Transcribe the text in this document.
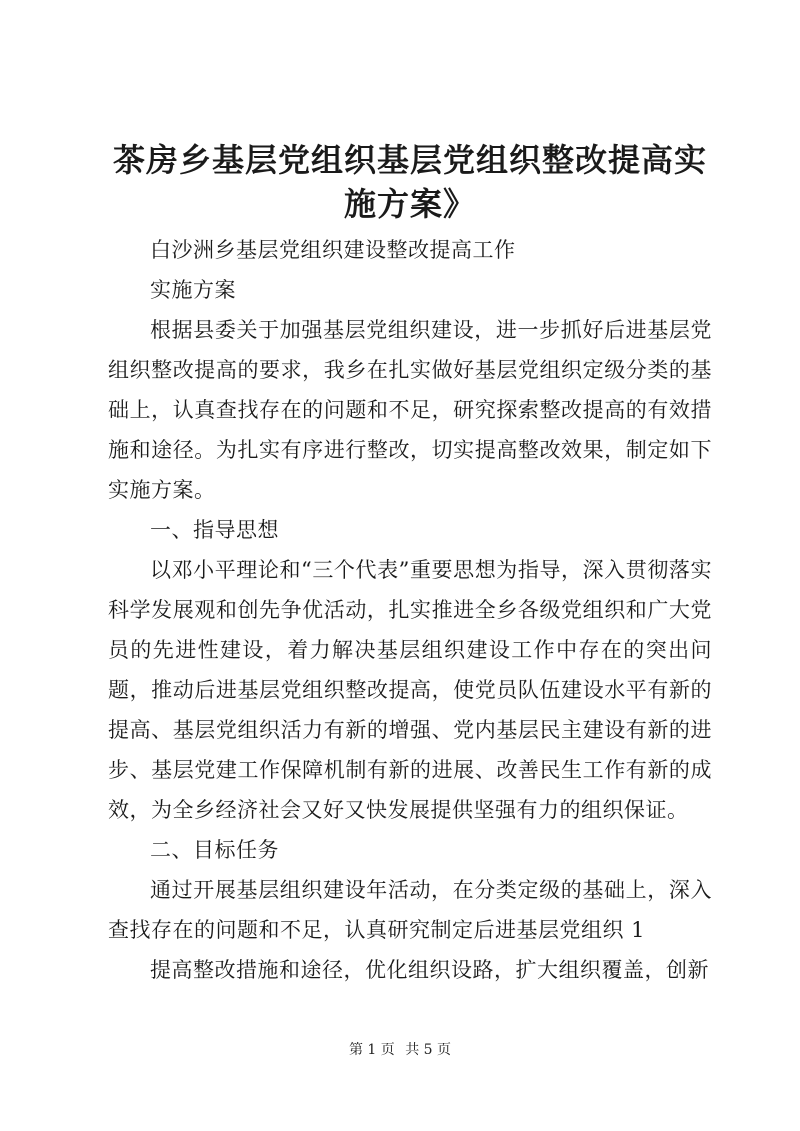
茶房乡基层党组织基层党组织整改提高实施方案》

白沙洲乡基层党组织建设整改提高工作

实施方案

根据县委关于加强基层党组织建设，进一步抓好后进基层党组织整改提高的要求，我乡在扎实做好基层党组织定级分类的基础上，认真查找存在的问题和不足，研究探索整改提高的有效措施和途径。为扎实有序进行整改，切实提高整改效果，制定如下实施方案。

一、指导思想

以邓小平理论和“三个代表”重要思想为指导，深入贯彻落实科学发展观和创先争优活动，扎实推进全乡各级党组织和广大党员的先进性建设，着力解决基层组织建设工作中存在的突出问题，推动后进基层党组织整改提高，使党员队伍建设水平有新的提高、基层党组织活力有新的增强、党内基层民主建设有新的进步、基层党建工作保障机制有新的进展、改善民生工作有新的成效，为全乡经济社会又好又快发展提供坚强有力的组织保证。

二、目标任务

通过开展基层组织建设年活动，在分类定级的基础上，深入查找存在的问题和不足，认真研究制定后进基层党组织 1

提高整改措施和途径，优化组织设路，扩大组织覆盖，创新

第 1 页 共 5 页
